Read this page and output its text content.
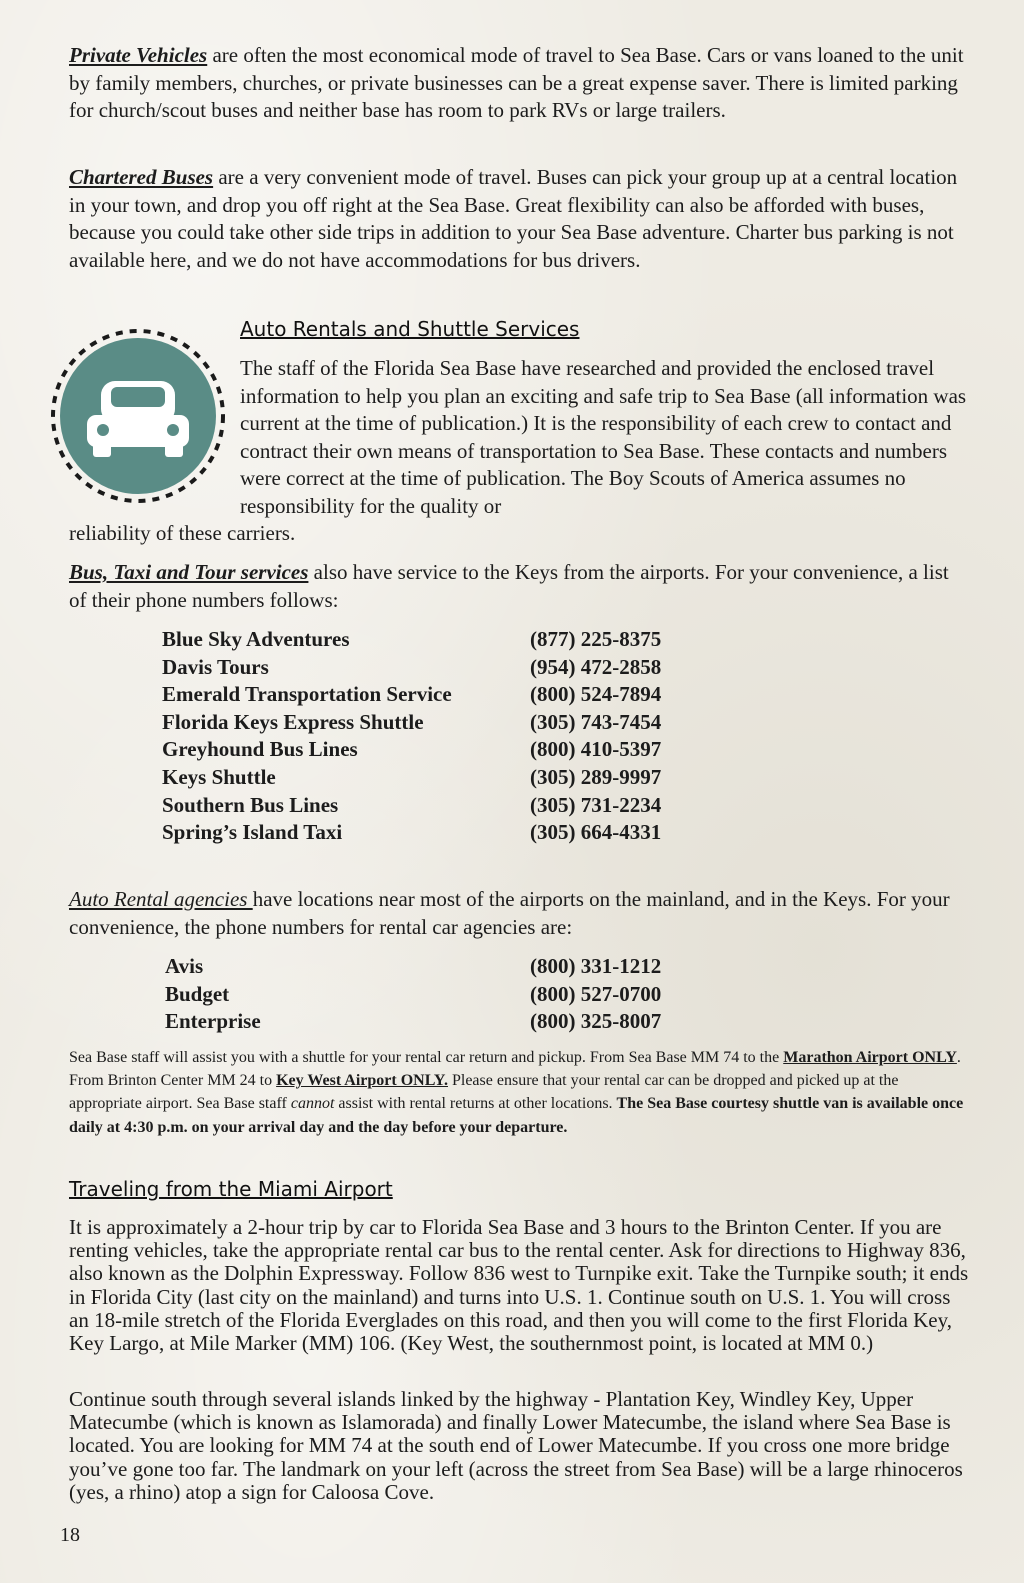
Private Vehicles are often the most economical mode of travel to Sea Base. Cars or vans loaned to the unit by family members, churches, or private businesses can be a great expense saver. There is limited parking for church/scout buses and neither base has room to park RVs or large trailers.

Chartered Buses are a very convenient mode of travel. Buses can pick your group up at a central location in your town, and drop you off right at the Sea Base. Great flexibility can also be afforded with buses, because you could take other side trips in addition to your Sea Base adventure. Charter bus parking is not available here, and we do not have accommodations for bus drivers.

Auto Rentals and Shuttle Services

The staff of the Florida Sea Base have researched and provided the enclosed travel information to help you plan an exciting and safe trip to Sea Base (all information was current at the time of publication.) It is the responsibility of each crew to contact and contract their own means of transportation to Sea Base. These contacts and numbers were correct at the time of publication. The Boy Scouts of America assumes no responsibility for the quality or

reliability of these carriers.

Bus, Taxi and Tour services also have service to the Keys from the airports. For your convenience, a list of their phone numbers follows:

Blue Sky Adventures	(877) 225-8375
Davis Tours	(954) 472-2858
Emerald Transportation Service	(800) 524-7894
Florida Keys Express Shuttle	(305) 743-7454
Greyhound Bus Lines	(800) 410-5397
Keys Shuttle	(305) 289-9997
Southern Bus Lines	(305) 731-2234
Spring’s Island Taxi	(305) 664-4331

Auto Rental agencies have locations near most of the airports on the mainland, and in the Keys. For your convenience, the phone numbers for rental car agencies are:

Avis	(800) 331-1212
Budget	(800) 527-0700
Enterprise	(800) 325-8007

Sea Base staff will assist you with a shuttle for your rental car return and pickup. From Sea Base MM 74 to the Marathon Airport ONLY. From Brinton Center MM 24 to Key West Airport ONLY. Please ensure that your rental car can be dropped and picked up at the appropriate airport. Sea Base staff cannot assist with rental returns at other locations. The Sea Base courtesy shuttle van is available once daily at 4:30 p.m. on your arrival day and the day before your departure.

Traveling from the Miami Airport

It is approximately a 2-hour trip by car to Florida Sea Base and 3 hours to the Brinton Center. If you are renting vehicles, take the appropriate rental car bus to the rental center. Ask for directions to Highway 836, also known as the Dolphin Expressway. Follow 836 west to Turnpike exit. Take the Turnpike south; it ends in Florida City (last city on the mainland) and turns into U.S. 1. Continue south on U.S. 1. You will cross an 18-mile stretch of the Florida Everglades on this road, and then you will come to the first Florida Key, Key Largo, at Mile Marker (MM) 106. (Key West, the southernmost point, is located at MM 0.)

Continue south through several islands linked by the highway - Plantation Key, Windley Key, Upper Matecumbe (which is known as Islamorada) and finally Lower Matecumbe, the island where Sea Base is located. You are looking for MM 74 at the south end of Lower Matecumbe. If you cross one more bridge you’ve gone too far. The landmark on your left (across the street from Sea Base) will be a large rhinoceros (yes, a rhino) atop a sign for Caloosa Cove.

18
